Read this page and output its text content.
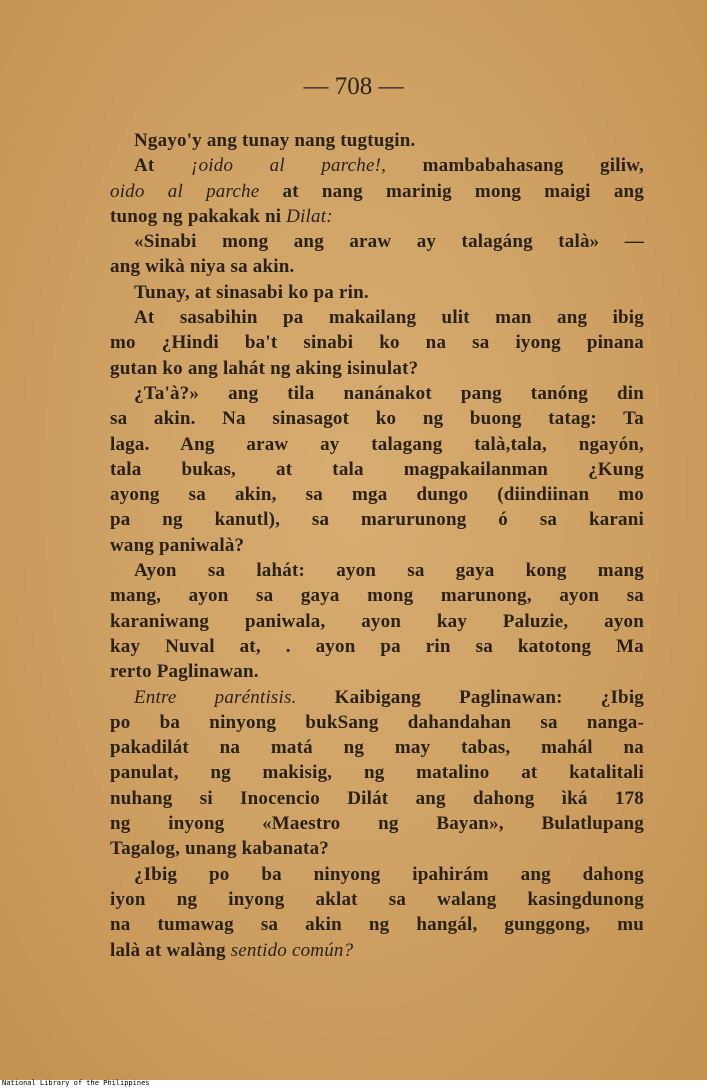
— 708 —
Ngayo'y ang tunay nang tugtugin.
At ¡oido al parche!, mambabahasang giliw,
oido al parche at nang marinig mong maigi ang
tunog ng pakakak ni Dilat:
«Sinabi mong ang araw ay talagáng talà» —
ang wikà niya sa akin.
Tunay, at sinasabi ko pa rin.
At sasabihin pa makailang ulit man ang ibig
mo ¿Hindi ba't sinabi ko na sa iyong pinana
gutan ko ang lahát ng aking isinulat?
¿Ta'à?» ang tila nanánakot pang tanóng din
sa akin. Na sinasagot ko ng buong tatag: Ta
laga. Ang araw ay talagang talà,tala, ngayón,
tala bukas, at tala magpakailanman ¿Kung
ayong sa akin, sa mga dungo (diindiinan mo
pa ng kanutl), sa marurunong ó sa karani
wang paniwalà?
Ayon sa lahát: ayon sa gaya kong mang
mang, ayon sa gaya mong marunong, ayon sa
karaniwang paniwala, ayon kay Paluzie, ayon
kay Nuval at, . ayon pa rin sa katotong Ma
rerto Paglinawan.
Entre paréntisis. Kaibigang Paglinawan: ¿Ibig
po ba ninyong bukSang dahandahan sa nanga-
pakadilát na matá ng may tabas, mahál na
panulat, ng makisig, ng matalino at katalitali
nuhang si Inocencio Dilát ang dahong ìká 178
ng inyong «Maestro ng Bayan», Bulatlupang
Tagalog, unang kabanata?
¿Ibig po ba ninyong ipahirám ang dahong
iyon ng inyong aklat sa walang kasingdunong
na tumawag sa akin ng hangál, gunggong, mu
lalà at walàng sentido común?
National Library of the Philippines
